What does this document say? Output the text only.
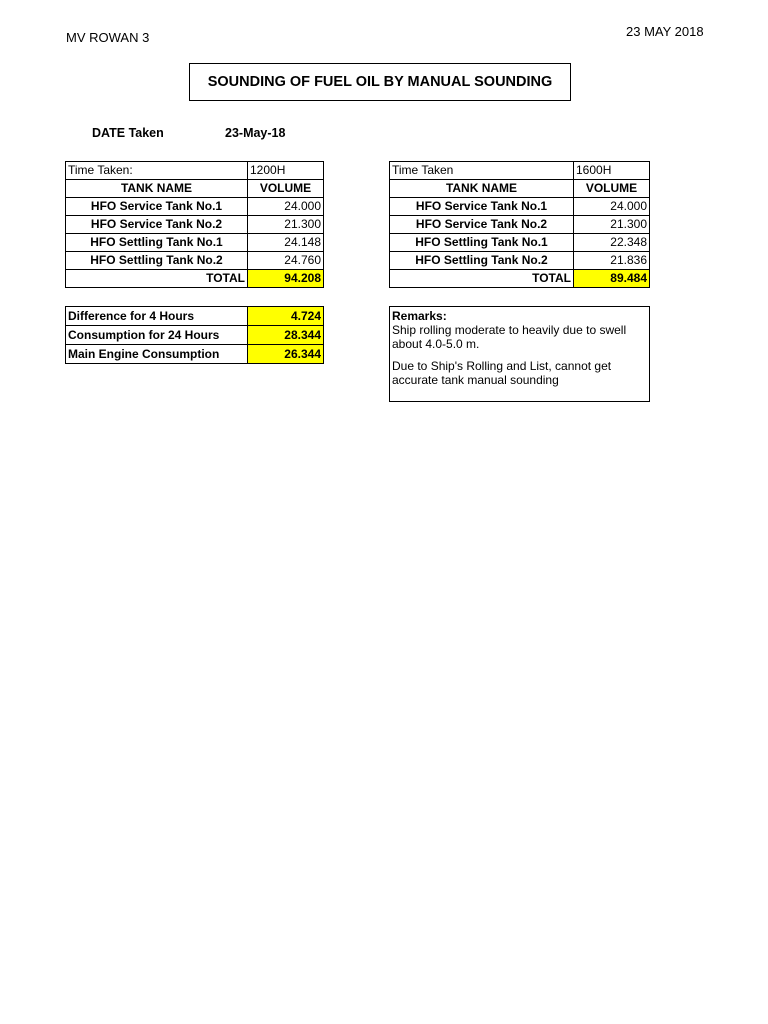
MV ROWAN 3	23 MAY 2018
SOUNDING OF FUEL OIL BY MANUAL SOUNDING
DATE Taken	23-May-18
Time Taken:	1200H
TANK NAME	VOLUME
HFO Service Tank No.1	24.000
HFO Service Tank No.2	21.300
HFO Settling Tank No.1	24.148
HFO Settling Tank No.2	24.760
TOTAL	94.208
Time Taken	1600H
TANK NAME	VOLUME
HFO Service Tank No.1	24.000
HFO Service Tank No.2	21.300
HFO Settling Tank No.1	22.348
HFO Settling Tank No.2	21.836
TOTAL	89.484
Difference for 4 Hours	4.724
Consumption for 24 Hours	28.344
Main Engine Consumption	26.344

Remarks:

Ship rolling moderate to heavily due to swell about 4.0-5.0 m.

Due to Ship's Rolling and List, cannot get accurate tank manual sounding
